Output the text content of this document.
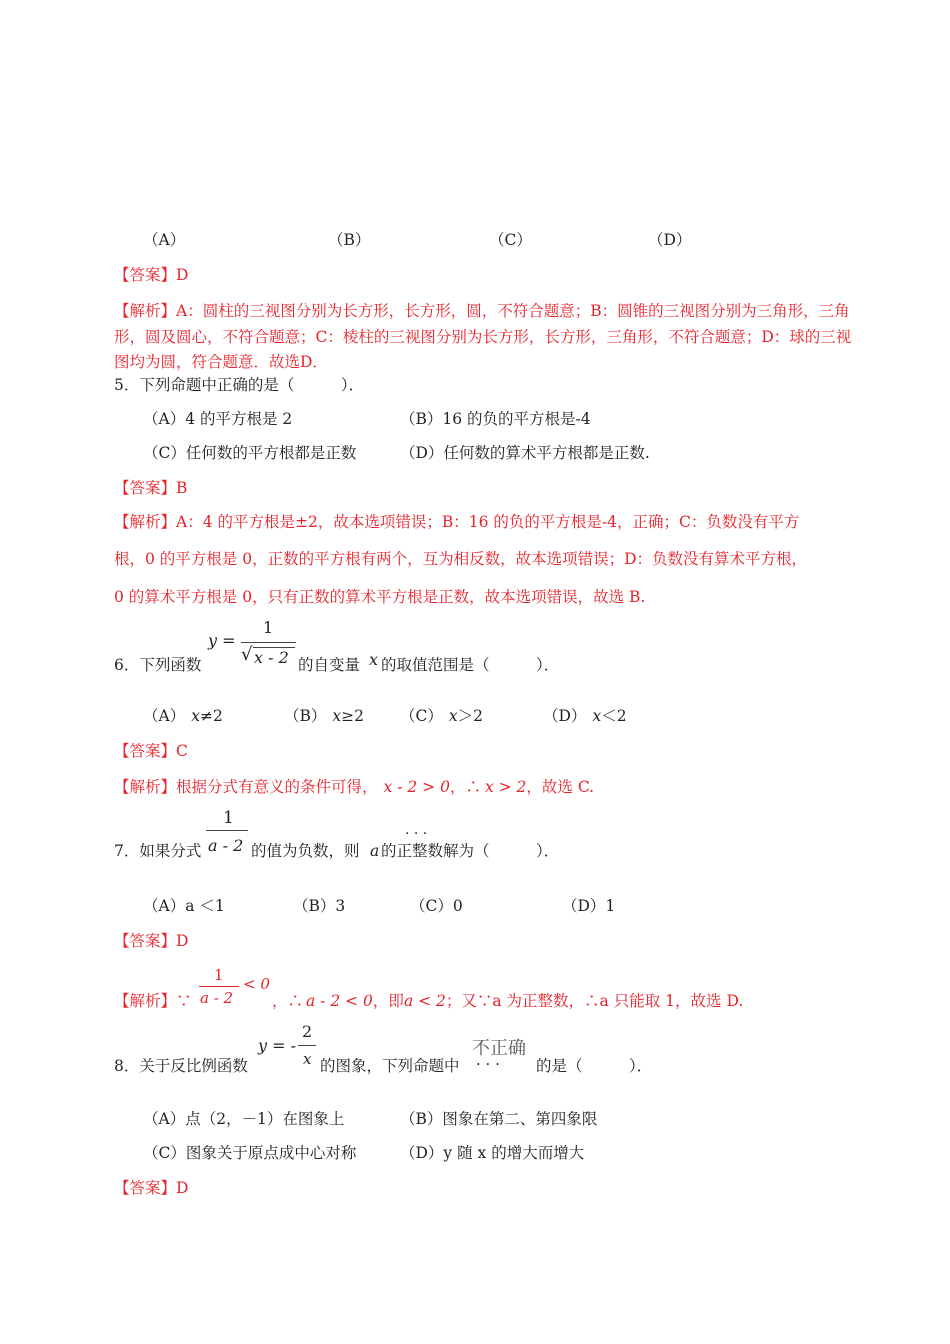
（A）	（B）	（C）	（D）
【答案】D
【解析】A：圆柱的三视图分别为长方形，长方形，圆，不符合题意；B：圆锥的三视图分别为三角形，三角形，圆及圆心，不符合题意；C：棱柱的三视图分别为长方形，长方形，三角形，不符合题意；D：球的三视图均为圆，符合题意．故选D．
5．下列命题中正确的是（　　　）．
（A）4 的平方根是 2	（B）16 的负的平方根是-4
（C）任何数的平方根都是正数	（D）任何数的算术平方根都是正数.
【答案】B
【解析】A：4 的平方根是±2，故本选项错误；B：16 的负的平方根是-4，正确；C：负数没有平方
根，0 的平方根是 0，正数的平方根有两个，互为相反数，故本选项错误；D：负数没有算术平方根，
0 的算术平方根是 0，只有正数的算术平方根是正数，故本选项错误，故选 B.
6．下列函数
y =
1
√ x - 2 的自变量 x 的取值范围是（　　　）．
（A） x≠2	（B） x≥2 （C） x＞2	（D） x＜2
【答案】C
【解析】根据分式有意义的条件可得， x - 2 > 0，∴ x > 2，故选 C.
7．如果分式
1
a - 2 的值为负数，则 a
· · ·
的正整数解为（　　　）．
（A）a ＜1	（B）3	（C）0	（D）1
【答案】D
【解析】∵
1
a - 2
< 0
，∴ a - 2 < 0，即a < 2；又∵a 为正整数，∴a 只能取 1，故选 D.
8．关于反比例函数
y = -
2
x 的图象，下列命题中
不正确
· · · 的是（　　　）．
（A）点（2，－1）在图象上	（B）图象在第二、第四象限
（C）图象关于原点成中心对称	（D）y 随 x 的增大而增大
【答案】D
